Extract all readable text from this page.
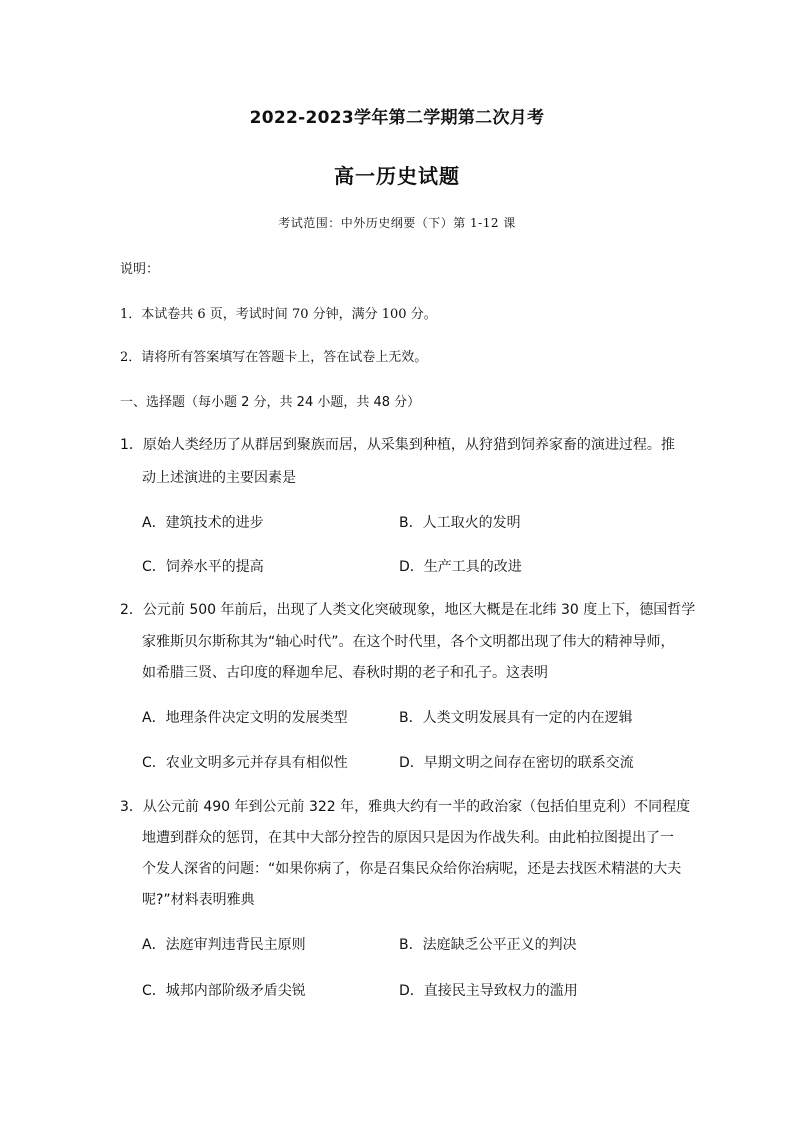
2022-2023学年第二学期第二次月考
高一历史试题
考试范围：中外历史纲要（下）第 1-12 课
说明：
1．本试卷共 6 页，考试时间 70 分钟，满分 100 分。
2．请将所有答案填写在答题卡上，答在试卷上无效。
一、选择题（每小题 2 分，共 24 小题，共 48 分）
1．原始人类经历了从群居到聚族而居，从采集到种植，从狩猎到饲养家畜的演进过程。推
动上述演进的主要因素是
A．建筑技术的进步	B．人工取火的发明
C．饲养水平的提高	D．生产工具的改进
2．公元前 500 年前后，出现了人类文化突破现象，地区大概是在北纬 30 度上下，德国哲学
家雅斯贝尔斯称其为“轴心时代”。在这个时代里，各个文明都出现了伟大的精神导师，
如希腊三贤、古印度的释迦牟尼、春秋时期的老子和孔子。这表明
A．地理条件决定文明的发展类型	B．人类文明发展具有一定的内在逻辑
C．农业文明多元并存具有相似性	D．早期文明之间存在密切的联系交流
3．从公元前 490 年到公元前 322 年，雅典大约有一半的政治家（包括伯里克利）不同程度
地遭到群众的惩罚，在其中大部分控告的原因只是因为作战失利。由此柏拉图提出了一
个发人深省的问题：“如果你病了，你是召集民众给你治病呢，还是去找医术精湛的大夫
呢?”材料表明雅典
A．法庭审判违背民主原则	B．法庭缺乏公平正义的判决
C．城邦内部阶级矛盾尖锐	D．直接民主导致权力的滥用
